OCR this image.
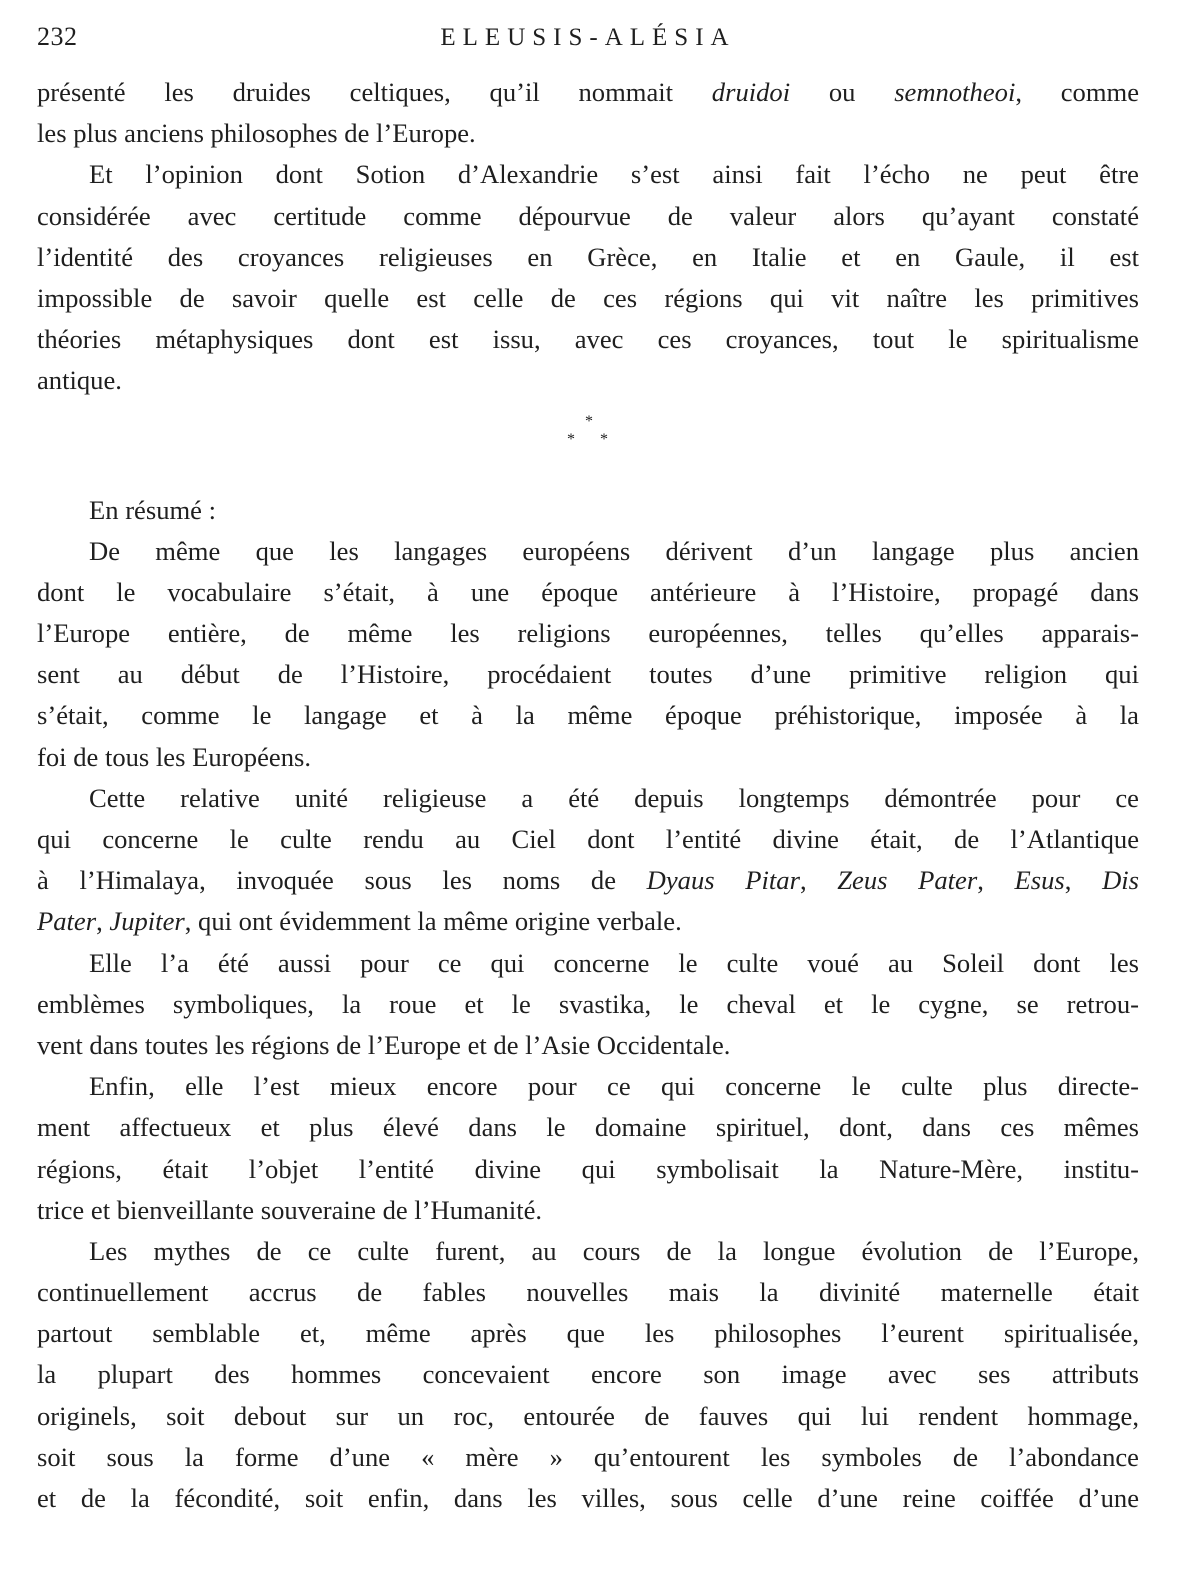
232	ELEUSIS-ALÉSIA
présenté les druides celtiques, qu’il nommait druidoi ou semnotheoi, comme
les plus anciens philosophes de l’Europe.
Et l’opinion dont Sotion d’Alexandrie s’est ainsi fait l’écho ne peut être
considérée avec certitude comme dépourvue de valeur alors qu’ayant constaté
l’identité des croyances religieuses en Grèce, en Italie et en Gaule, il est
impossible de savoir quelle est celle de ces régions qui vit naître les primitives
théories métaphysiques dont est issu, avec ces croyances, tout le spiritualisme
antique.
*
* *
En résumé :
De même que les langages européens dérivent d’un langage plus ancien
dont le vocabulaire s’était, à une époque antérieure à l’Histoire, propagé dans
l’Europe entière, de même les religions européennes, telles qu’elles apparais-
sent au début de l’Histoire, procédaient toutes d’une primitive religion qui
s’était, comme le langage et à la même époque préhistorique, imposée à la
foi de tous les Européens.
Cette relative unité religieuse a été depuis longtemps démontrée pour ce
qui concerne le culte rendu au Ciel dont l’entité divine était, de l’Atlantique
à l’Himalaya, invoquée sous les noms de Dyaus Pitar, Zeus Pater, Esus, Dis
Pater, Jupiter, qui ont évidemment la même origine verbale.
Elle l’a été aussi pour ce qui concerne le culte voué au Soleil dont les
emblèmes symboliques, la roue et le svastika, le cheval et le cygne, se retrou-
vent dans toutes les régions de l’Europe et de l’Asie Occidentale.
Enfin, elle l’est mieux encore pour ce qui concerne le culte plus directe-
ment affectueux et plus élevé dans le domaine spirituel, dont, dans ces mêmes
régions, était l’objet l’entité divine qui symbolisait la Nature-Mère, institu-
trice et bienveillante souveraine de l’Humanité.
Les mythes de ce culte furent, au cours de la longue évolution de l’Europe,
continuellement accrus de fables nouvelles mais la divinité maternelle était
partout semblable et, même après que les philosophes l’eurent spiritualisée,
la plupart des hommes concevaient encore son image avec ses attributs
originels, soit debout sur un roc, entourée de fauves qui lui rendent hommage,
soit sous la forme d’une « mère » qu’entourent les symboles de l’abondance
et de la fécondité, soit enfin, dans les villes, sous celle d’une reine coiffée d’une
